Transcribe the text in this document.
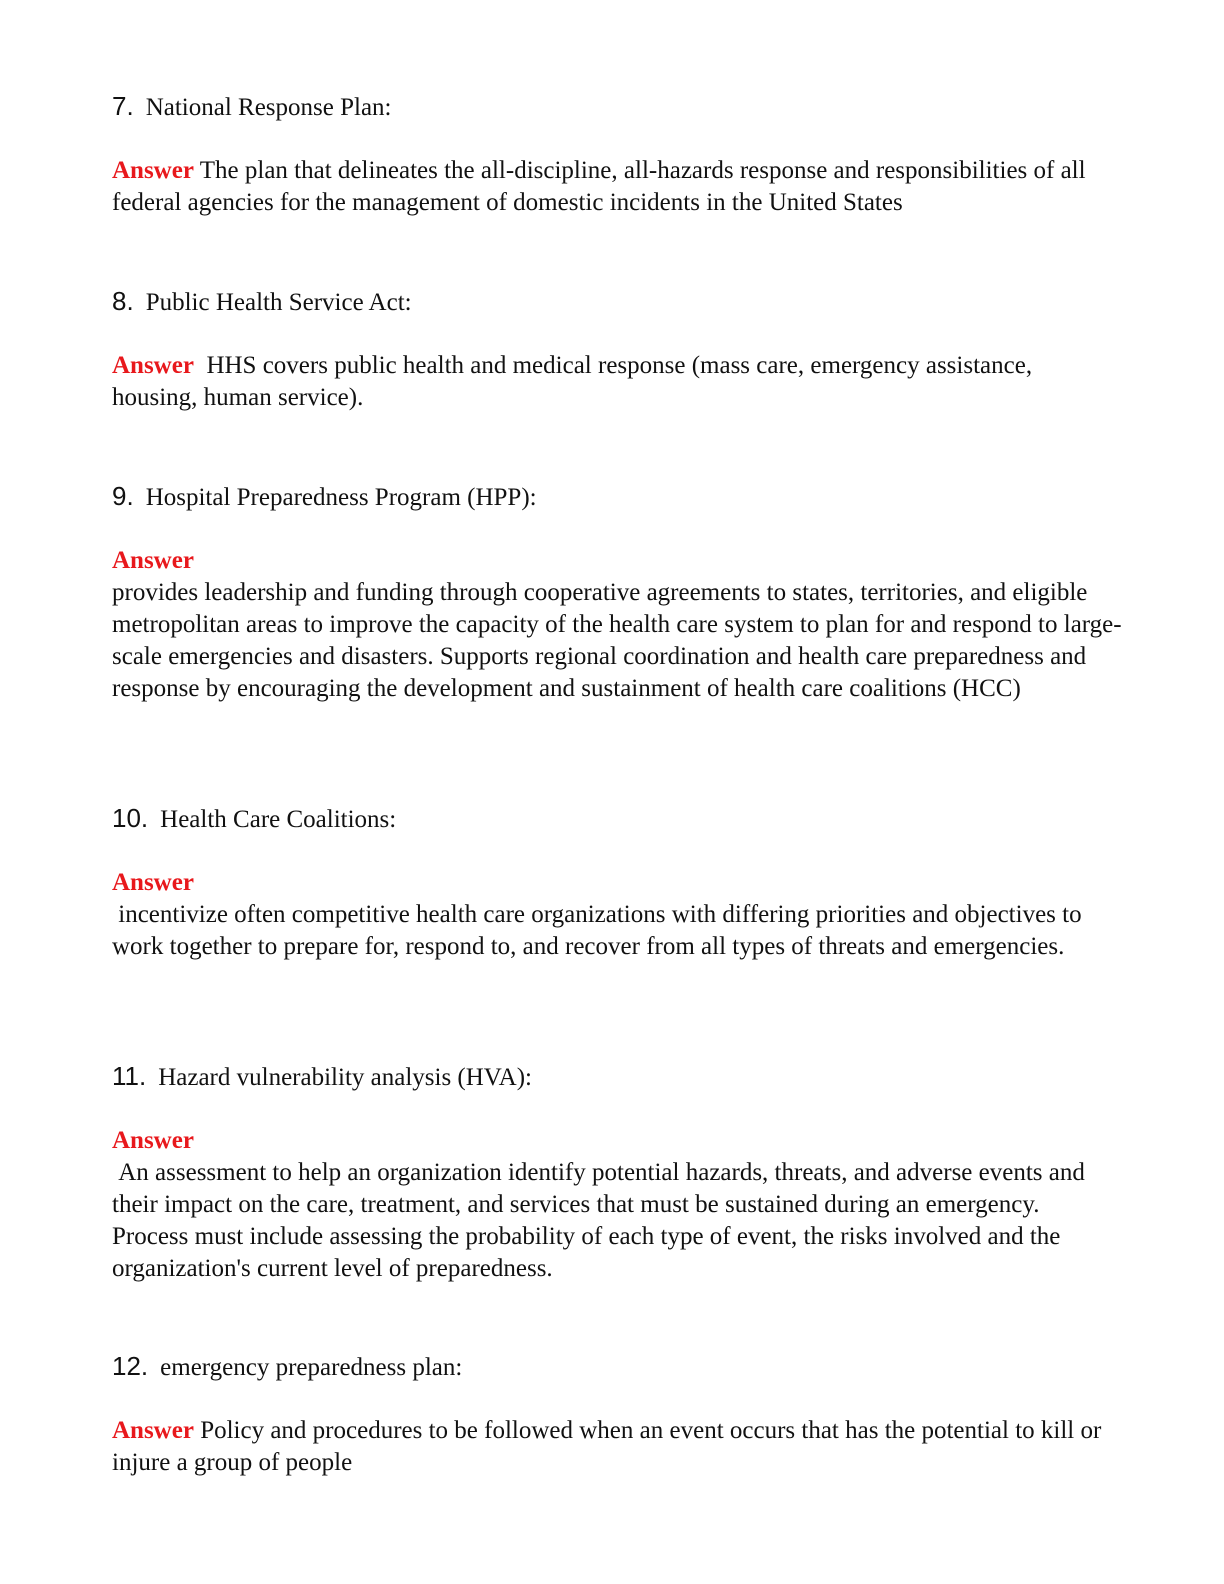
7. National Response Plan:
Answer The plan that delineates the all-discipline, all-hazards response and responsibilities of all federal agencies for the management of domestic incidents in the United States
8. Public Health Service Act:
Answer HHS covers public health and medical response (mass care, emergency assistance, housing, human service).
9. Hospital Preparedness Program (HPP):
Answer
provides leadership and funding through cooperative agreements to states, territories, and eligible metropolitan areas to improve the capacity of the health care system to plan for and respond to large-scale emergencies and disasters. Supports regional coordination and health care preparedness and response by encouraging the development and sustainment of health care coalitions (HCC)
10. Health Care Coalitions:
Answer
incentivize often competitive health care organizations with differing priorities and objectives to work together to prepare for, respond to, and recover from all types of threats and emergencies.
11. Hazard vulnerability analysis (HVA):
Answer
An assessment to help an organization identify potential hazards, threats, and adverse events and their impact on the care, treatment, and services that must be sustained during an emergency. Process must include assessing the probability of each type of event, the risks involved and the organization's current level of preparedness.
12. emergency preparedness plan:
Answer Policy and procedures to be followed when an event occurs that has the potential to kill or injure a group of people
